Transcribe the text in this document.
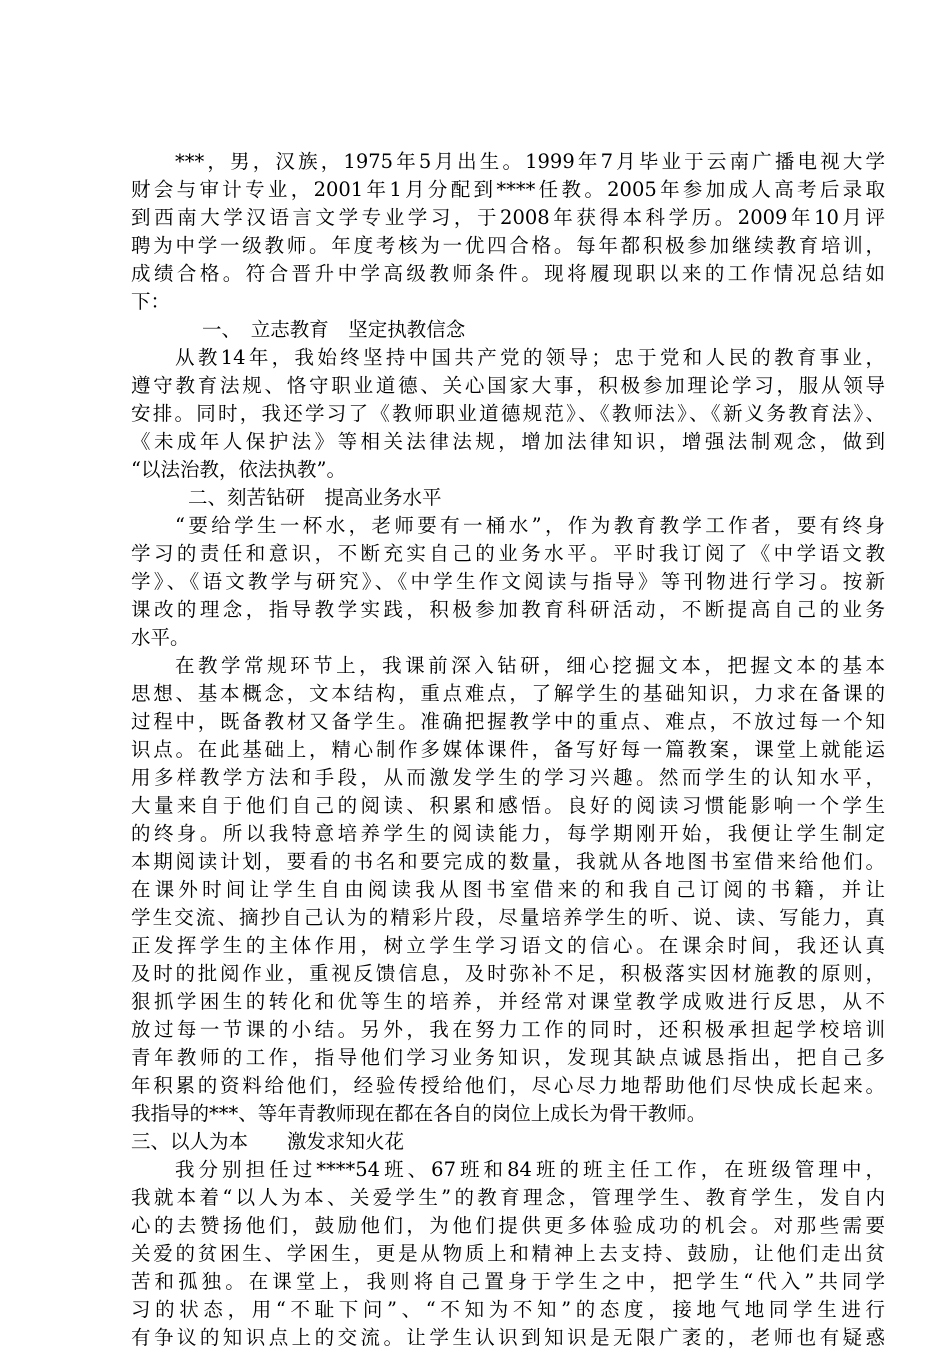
***，男，汉族，1975年5月出生。1999年7月毕业于云南广播电视大学
财会与审计专业，2001年1月分配到****任教。2005年参加成人高考后录取
到西南大学汉语言文学专业学习，于2008年获得本科学历。2009年10月评
聘为中学一级教师。年度考核为一优四合格。每年都积极参加继续教育培训，
成绩合格。符合晋升中学高级教师条件。现将履现职以来的工作情况总结如
下：
一、　立志教育　坚定执教信念
从教14年，我始终坚持中国共产党的领导；忠于党和人民的教育事业，
遵守教育法规、恪守职业道德、关心国家大事，积极参加理论学习，服从领导
安排。同时，我还学习了《教师职业道德规范》、《教师法》、《新义务教育法》、
《未成年人保护法》等相关法律法规，增加法律知识，增强法制观念，做到
“以法治教，依法执教”。
二、刻苦钻研　提高业务水平
“要给学生一杯水，老师要有一桶水”，作为教育教学工作者，要有终身
学习的责任和意识，不断充实自己的业务水平。平时我订阅了《中学语文教
学》、《语文教学与研究》、《中学生作文阅读与指导》等刊物进行学习。按新
课改的理念，指导教学实践，积极参加教育科研活动，不断提高自己的业务
水平。
在教学常规环节上，我课前深入钻研，细心挖掘文本，把握文本的基本
思想、基本概念，文本结构，重点难点，了解学生的基础知识，力求在备课的
过程中，既备教材又备学生。准确把握教学中的重点、难点，不放过每一个知
识点。在此基础上，精心制作多媒体课件，备写好每一篇教案，课堂上就能运
用多样教学方法和手段，从而激发学生的学习兴趣。然而学生的认知水平，
大量来自于他们自己的阅读、积累和感悟。良好的阅读习惯能影响一个学生
的终身。所以我特意培养学生的阅读能力，每学期刚开始，我便让学生制定
本期阅读计划，要看的书名和要完成的数量，我就从各地图书室借来给他们。
在课外时间让学生自由阅读我从图书室借来的和我自己订阅的书籍，并让
学生交流、摘抄自己认为的精彩片段，尽量培养学生的听、说、读、写能力，真
正发挥学生的主体作用，树立学生学习语文的信心。在课余时间，我还认真
及时的批阅作业，重视反馈信息，及时弥补不足，积极落实因材施教的原则，
狠抓学困生的转化和优等生的培养，并经常对课堂教学成败进行反思，从不
放过每一节课的小结。另外，我在努力工作的同时，还积极承担起学校培训
青年教师的工作，指导他们学习业务知识，发现其缺点诚恳指出，把自己多
年积累的资料给他们，经验传授给他们，尽心尽力地帮助他们尽快成长起来。
我指导的***、等年青教师现在都在各自的岗位上成长为骨干教师。
三、以人为本　　激发求知火花
我分别担任过****54班、67班和84班的班主任工作，在班级管理中，
我就本着“以人为本、关爱学生”的教育理念，管理学生、教育学生，发自内
心的去赞扬他们，鼓励他们，为他们提供更多体验成功的机会。对那些需要
关爱的贫困生、学困生，更是从物质上和精神上去支持、鼓励，让他们走出贫
苦和孤独。在课堂上，我则将自己置身于学生之中，把学生“代入”共同学
习的状态，用“不耻下问”、“不知为不知”的态度，接地气地同学生进行
有争议的知识点上的交流。让学生认识到知识是无限广袤的，老师也有疑惑
